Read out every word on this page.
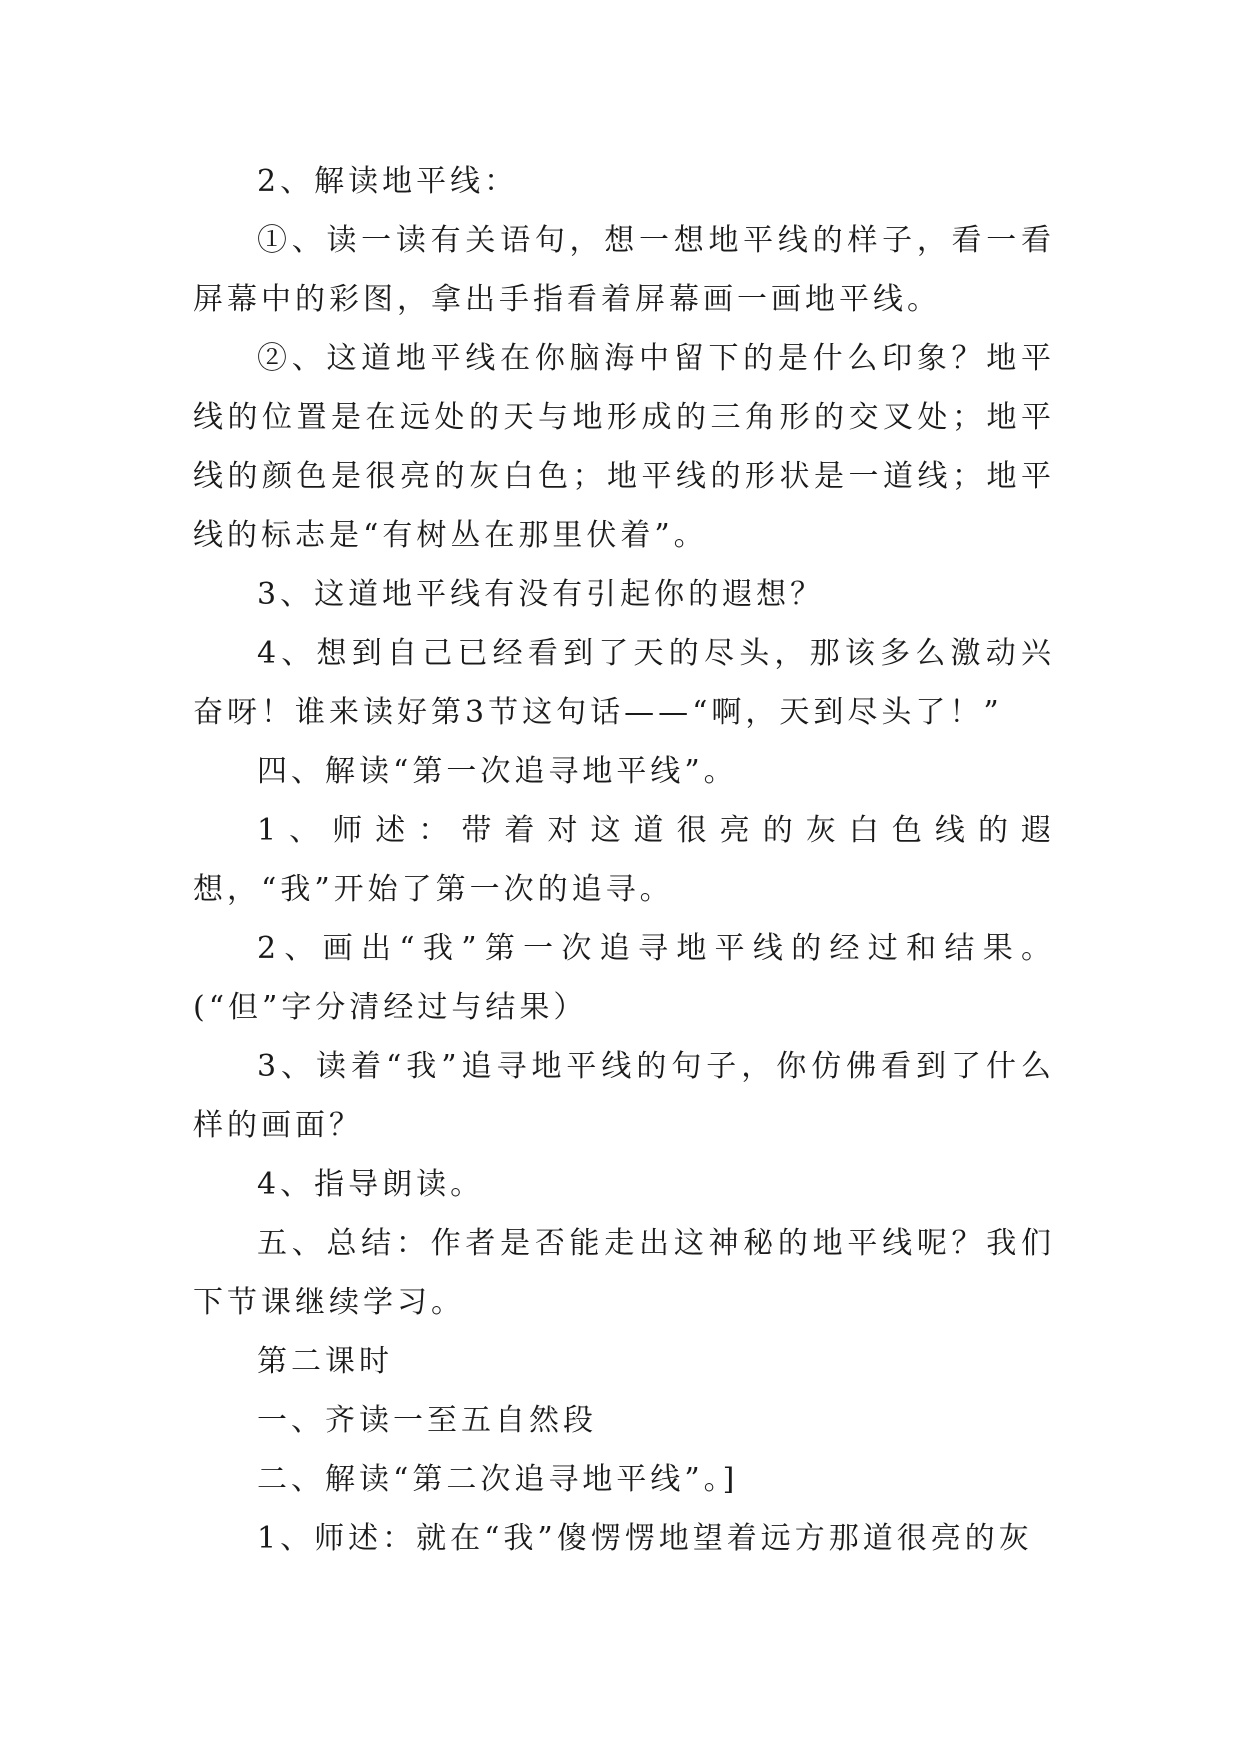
2、解读地平线：

①、读一读有关语句，想一想地平线的样子，看一看屏幕中的彩图，拿出手指看着屏幕画一画地平线。

②、这道地平线在你脑海中留下的是什么印象？地平线的位置是在远处的天与地形成的三角形的交叉处；地平线的颜色是很亮的灰白色；地平线的形状是一道线；地平线的标志是“有树丛在那里伏着”。

3、这道地平线有没有引起你的遐想？

4、想到自己已经看到了天的尽头，那该多么激动兴奋呀！谁来读好第3节这句话——“啊，天到尽头了！”

四、解读“第一次追寻地平线”。

1、师述：带着对这道很亮的灰白色线的遐想，“我”开始了第一次的追寻。

2、画出“我”第一次追寻地平线的经过和结果。(“但”字分清经过与结果）

3、读着“我”追寻地平线的句子，你仿佛看到了什么样的画面？

4、指导朗读。

五、总结：作者是否能走出这神秘的地平线呢？我们下节课继续学习。

第二课时

一、齐读一至五自然段

二、解读“第二次追寻地平线”。]

1、师述：就在“我”傻愣愣地望着远方那道很亮的灰
